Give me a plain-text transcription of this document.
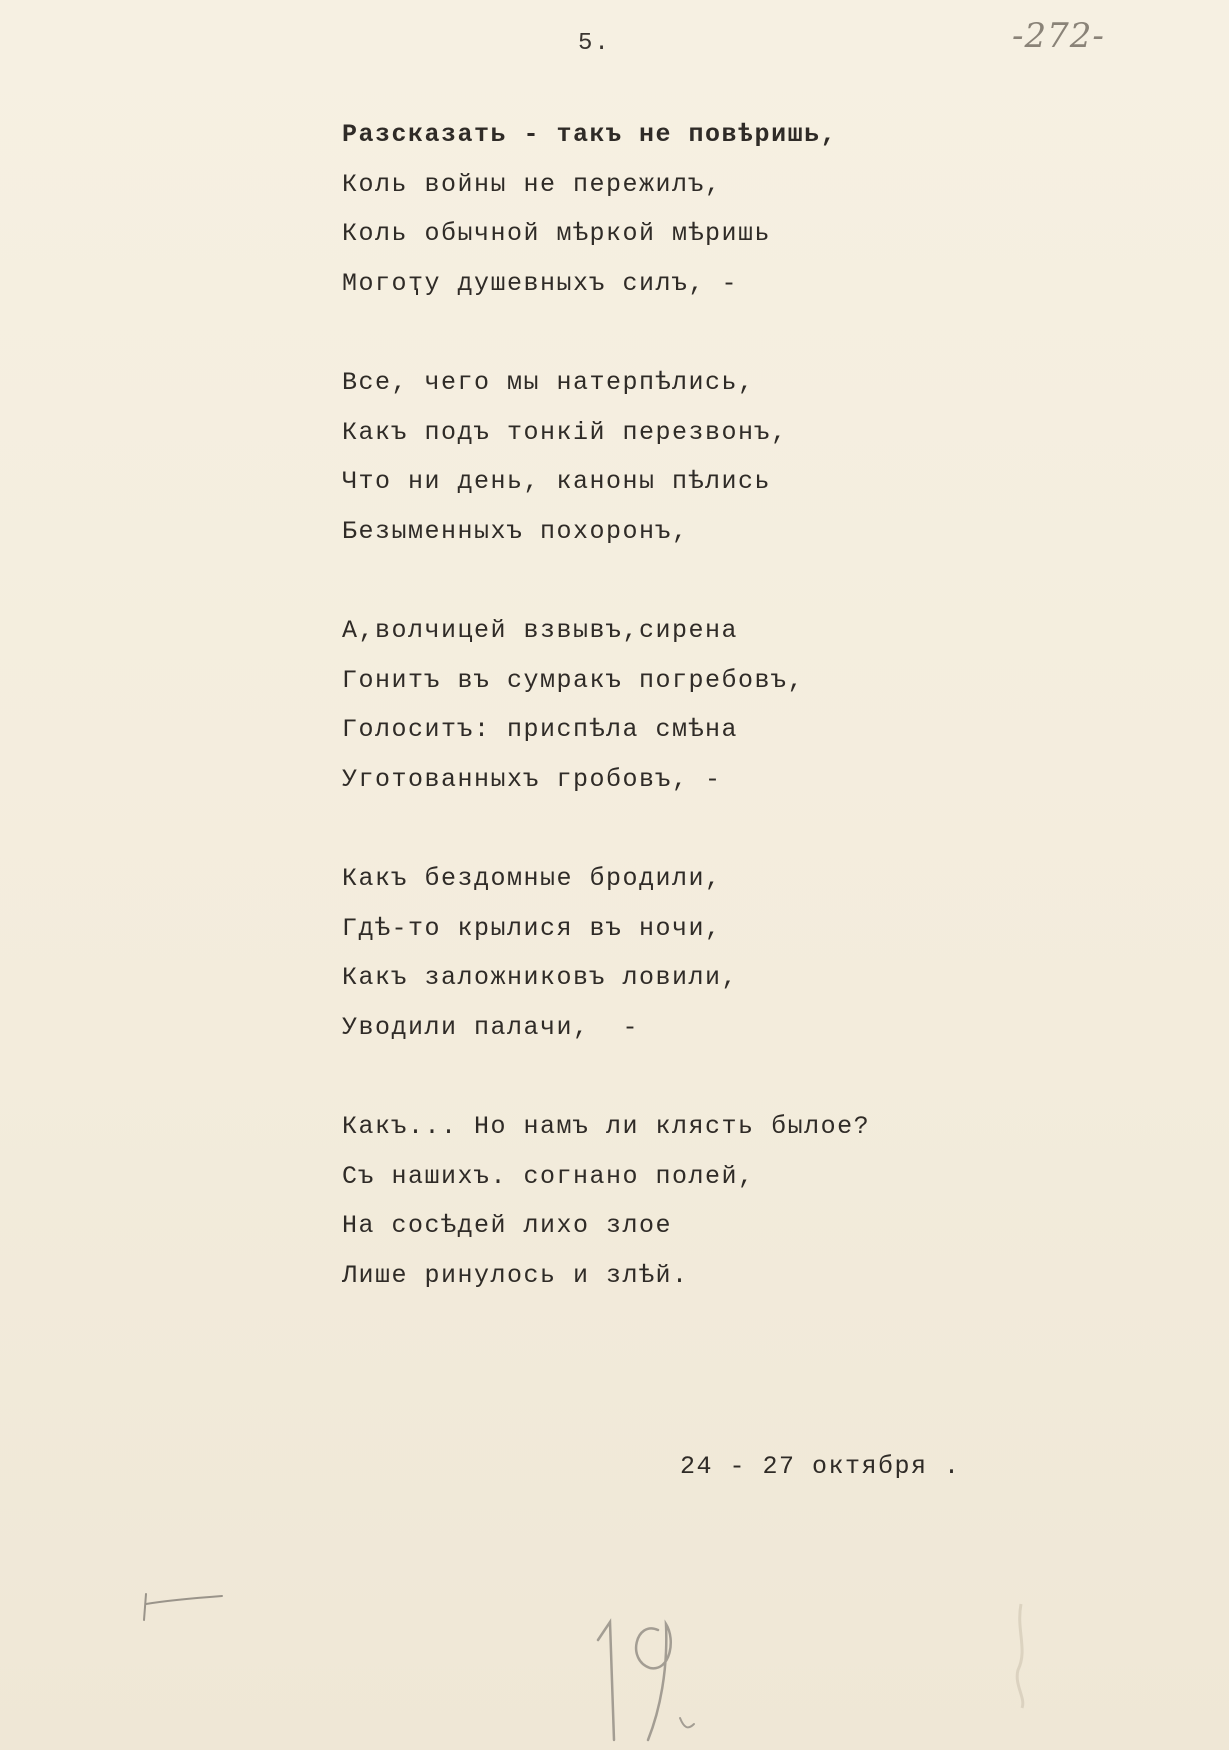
5.	-272-
Разсказать - такъ не повѣришь,
Коль войны не пережилъ,
Коль обычной мѣркой мѣришь
Могоҭу душевныхъ силъ, -
Все, чего мы натерпѣлись,
Какъ подъ тонкiй перезвонъ,
Что ни день, каноны пѣлись
Безыменныхъ похоронъ,
А,волчицей взвывъ,сирена
Гонитъ въ сумракъ погребовъ,
Голоситъ: приспѣла смѣна
Уготованныхъ гробовъ, -
Какъ бездомные бродили,
Гдѣ-то крылися въ ночи,
Какъ заложниковъ ловили,
Уводили палачи,  -
Какъ... Но намъ ли клясть былое?
Съ нашихъ. согнано полей,
На сосѣдей лихо злое
Лише ринулось и злѣй.
24 - 27 октября .
